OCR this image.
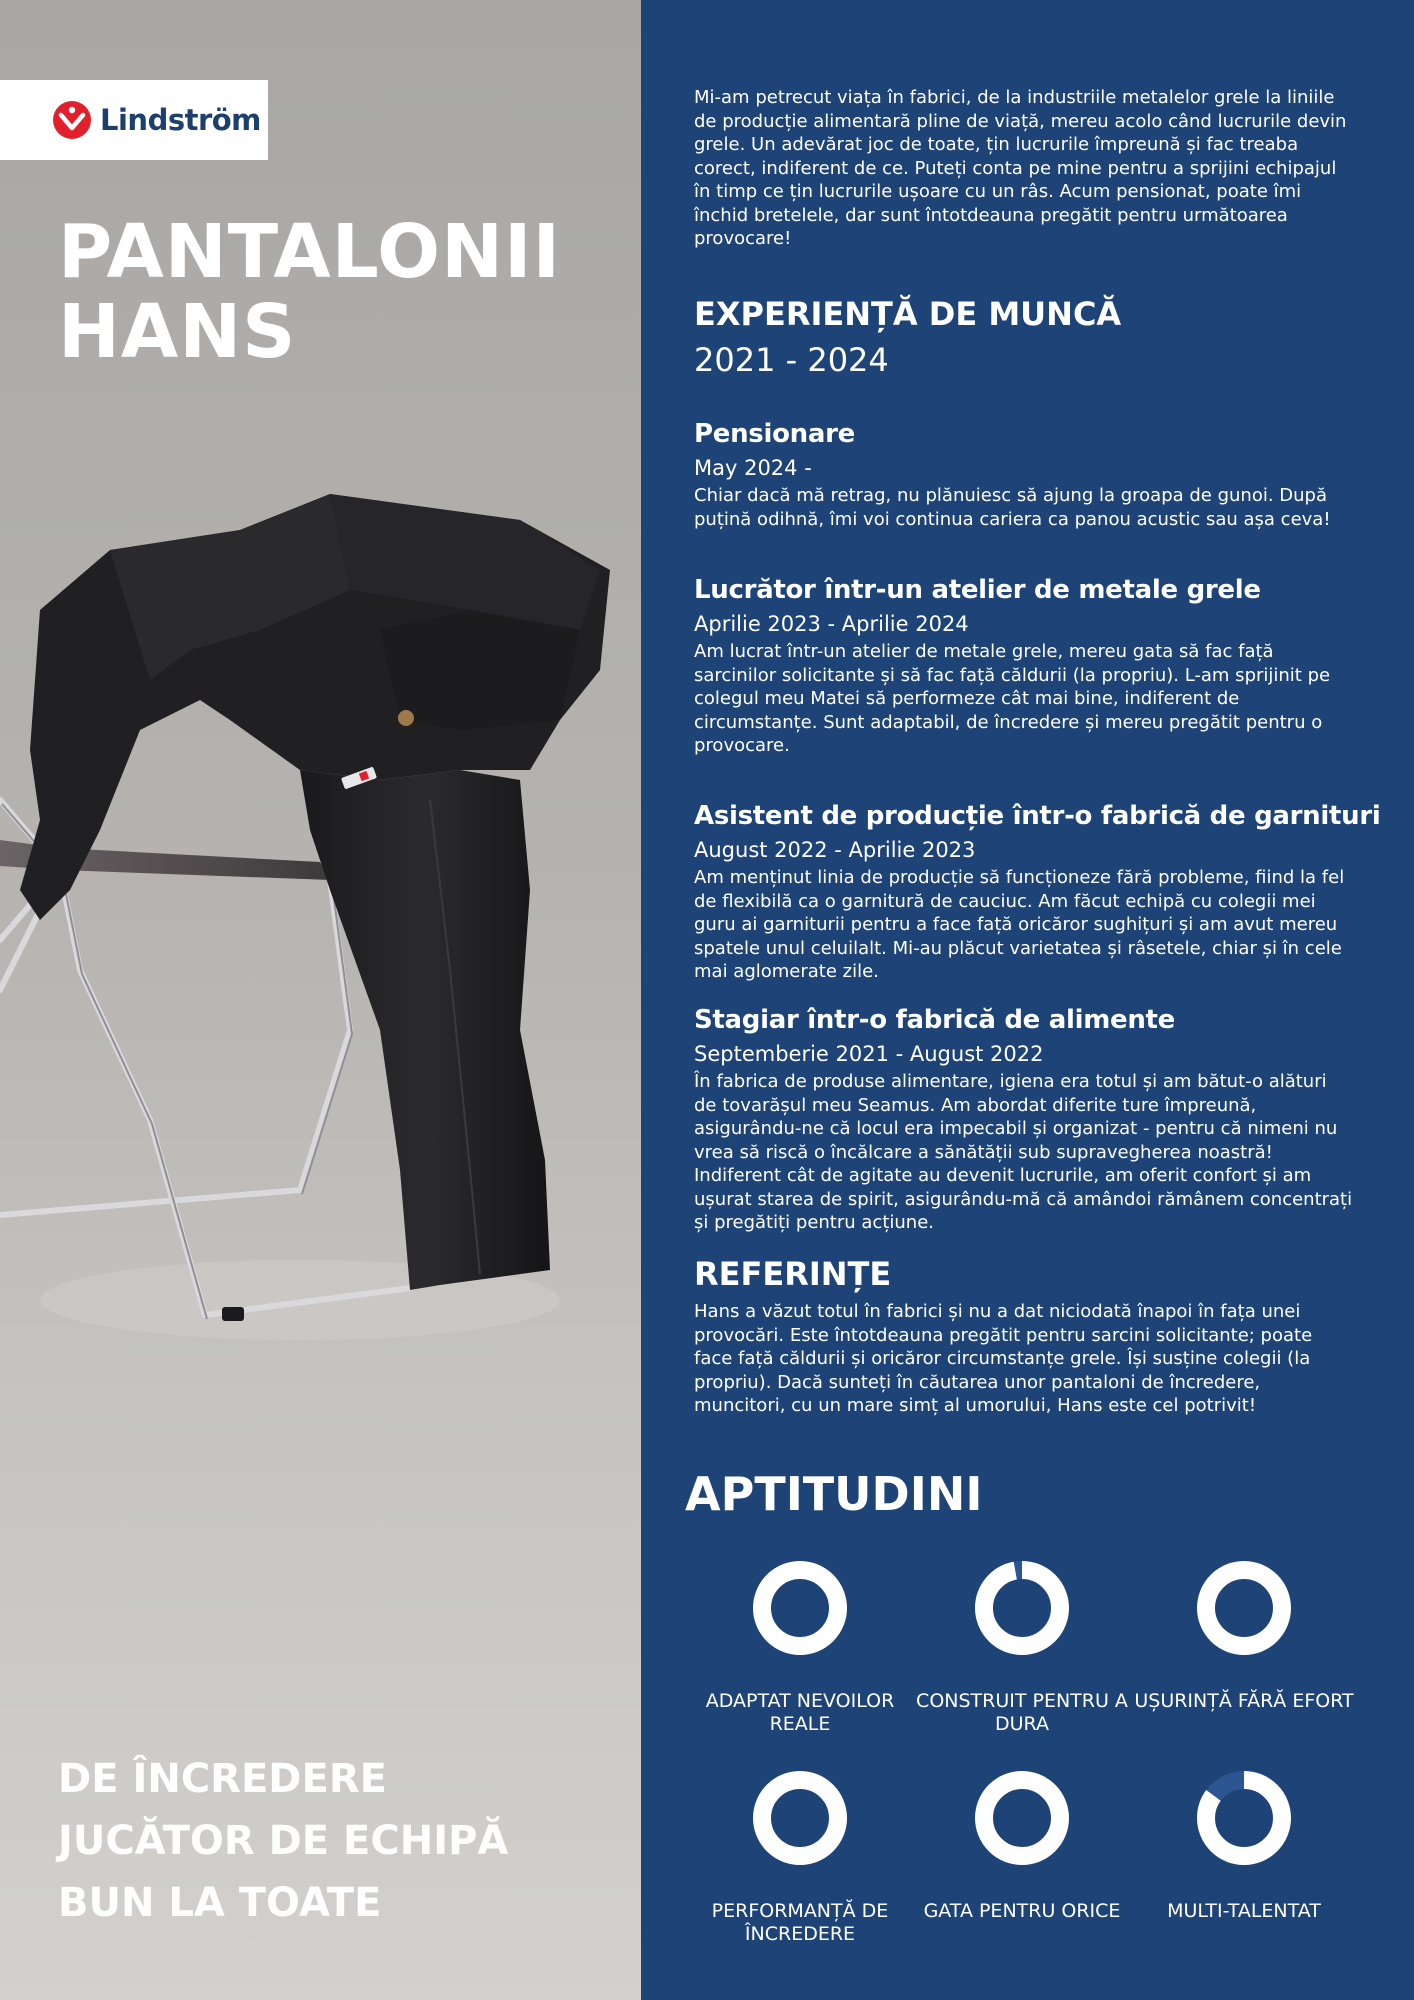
Lindström
PANTALONII
HANS
DE ÎNCREDERE
JUCĂTOR DE ECHIPĂ
BUN LA TOATE

Mi-am petrecut viața în fabrici, de la industriile metalelor grele la liniile de producție alimentară pline de viață, mereu acolo când lucrurile devin grele. Un adevărat joc de toate, țin lucrurile împreună și fac treaba corect, indiferent de ce. Puteți conta pe mine pentru a sprijini echipajul în timp ce țin lucrurile ușoare cu un râs. Acum pensionat, poate îmi închid bretelele, dar sunt întotdeauna pregătit pentru următoarea provocare!

EXPERIENȚĂ DE MUNCĂ
2021 - 2024
Pensionare
May 2024 -

Chiar dacă mă retrag, nu plănuiesc să ajung la groapa de gunoi. După puțină odihnă, îmi voi continua cariera ca panou acustic sau așa ceva!

Lucrător într-un atelier de metale grele
Aprilie 2023 - Aprilie 2024

Am lucrat într-un atelier de metale grele, mereu gata să fac față sarcinilor solicitante și să fac față căldurii (la propriu). L-am sprijinit pe colegul meu Matei să performeze cât mai bine, indiferent de circumstanțe. Sunt adaptabil, de încredere și mereu pregătit pentru o provocare.

Asistent de producție într-o fabrică de garnituri
August 2022 - Aprilie 2023

Am menținut linia de producție să funcționeze fără probleme, fiind la fel de flexibilă ca o garnitură de cauciuc. Am făcut echipă cu colegii mei guru ai garniturii pentru a face față oricăror sughițuri și am avut mereu spatele unul celuilalt. Mi-au plăcut varietatea și râsetele, chiar și în cele mai aglomerate zile.

Stagiar într-o fabrică de alimente
Septemberie 2021 - August 2022

În fabrica de produse alimentare, igiena era totul și am bătut-o alături de tovarășul meu Seamus. Am abordat diferite ture împreună, asigurându-ne că locul era impecabil și organizat - pentru că nimeni nu vrea să riscă o încălcare a sănătății sub supravegherea noastră! Indiferent cât de agitate au devenit lucrurile, am oferit confort și am ușurat starea de spirit, asigurându-mă că amândoi rămânem concentrați și pregătiți pentru acțiune.

REFERINȚE

Hans a văzut totul în fabrici și nu a dat niciodată înapoi în fața unei provocări. Este întotdeauna pregătit pentru sarcini solicitante; poate face față căldurii și oricăror circumstanțe grele. Își susține colegii (la propriu). Dacă sunteți în căutarea unor pantaloni de încredere, muncitori, cu un mare simț al umorului, Hans este cel potrivit!

APTITUDINI
ADAPTAT NEVOILOR REALE
CONSTRUIT PENTRU A DURA
UȘURINȚĂ FĂRĂ EFORT
PERFORMANȚĂ DE ÎNCREDERE
GATA PENTRU ORICE	MULTI-TALENTAT
